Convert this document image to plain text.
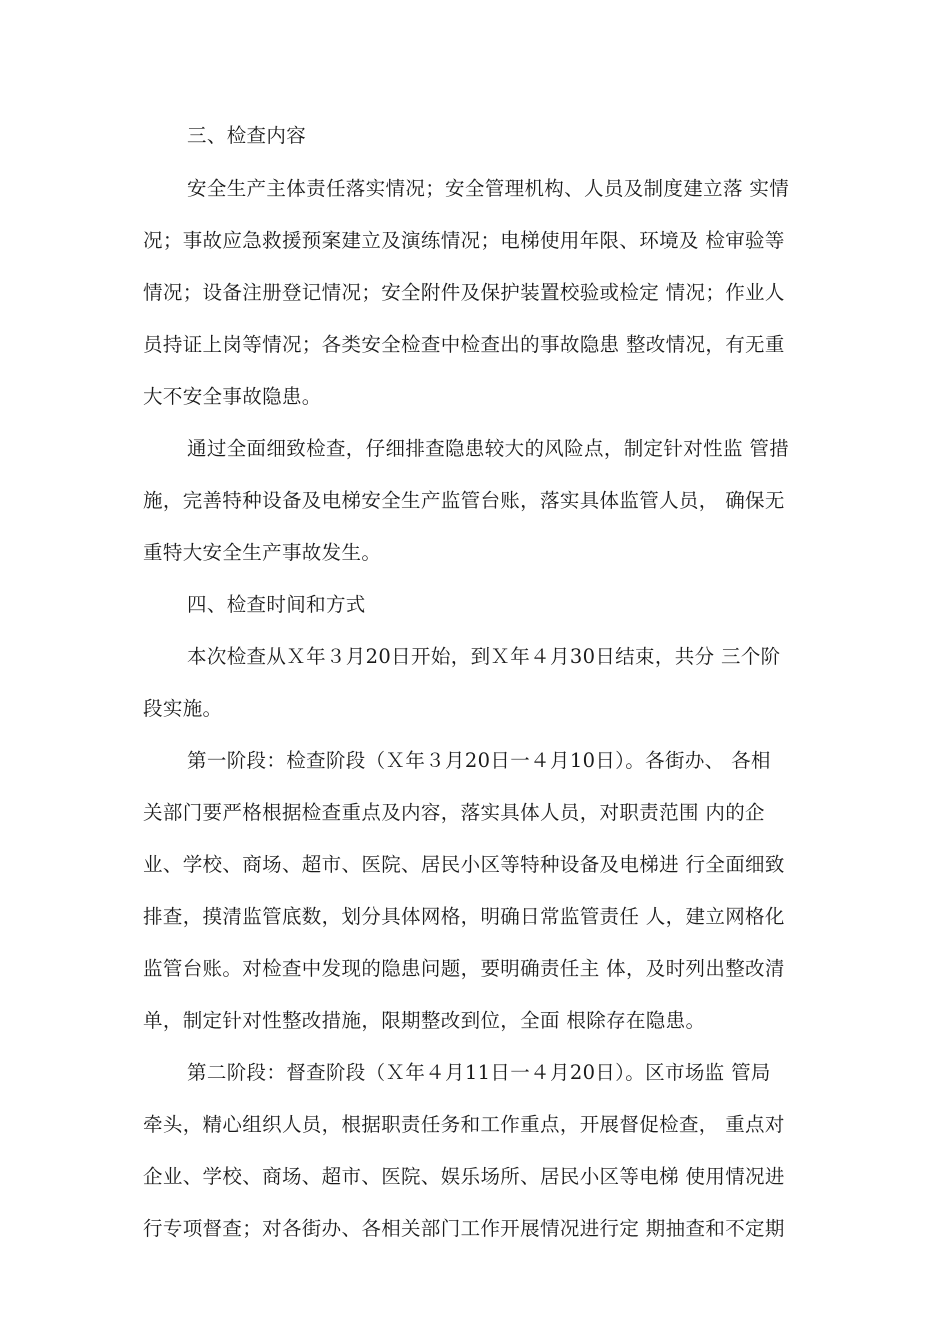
三、检查内容

安全生产主体责任落实情况；安全管理机构、人员及制度建立落 实情

况；事故应急救援预案建立及演练情况；电梯使用年限、环境及 检审验等

情况；设备注册登记情况；安全附件及保护装置校验或检定 情况；作业人

员持证上岗等情况；各类安全检查中检查出的事故隐患 整改情况，有无重

大不安全事故隐患。

通过全面细致检查，仔细排查隐患较大的风险点，制定针对性监 管措

施，完善特种设备及电梯安全生产监管台账，落实具体监管人员， 确保无

重特大安全生产事故发生。

四、检查时间和方式

本次检查从Ｘ年３月20日开始，到Ｘ年４月30日结束，共分 三个阶

段实施。

第一阶段：检查阶段（Ｘ年３月20日一４月10日）。各街办、 各相

关部门要严格根据检查重点及内容，落实具体人员，对职责范围 内的企

业、学校、商场、超市、医院、居民小区等特种设备及电梯进 行全面细致

排查，摸清监管底数，划分具体网格，明确日常监管责任 人，建立网格化

监管台账。对检查中发现的隐患问题，要明确责任主 体，及时列出整改清

单，制定针对性整改措施，限期整改到位，全面 根除存在隐患。

第二阶段：督查阶段（Ｘ年４月11日一４月20日）。区市场监 管局

牵头，精心组织人员，根据职责任务和工作重点，开展督促检查， 重点对

企业、学校、商场、超市、医院、娱乐场所、居民小区等电梯 使用情况进

行专项督查；对各街办、各相关部门工作开展情况进行定 期抽查和不定期
